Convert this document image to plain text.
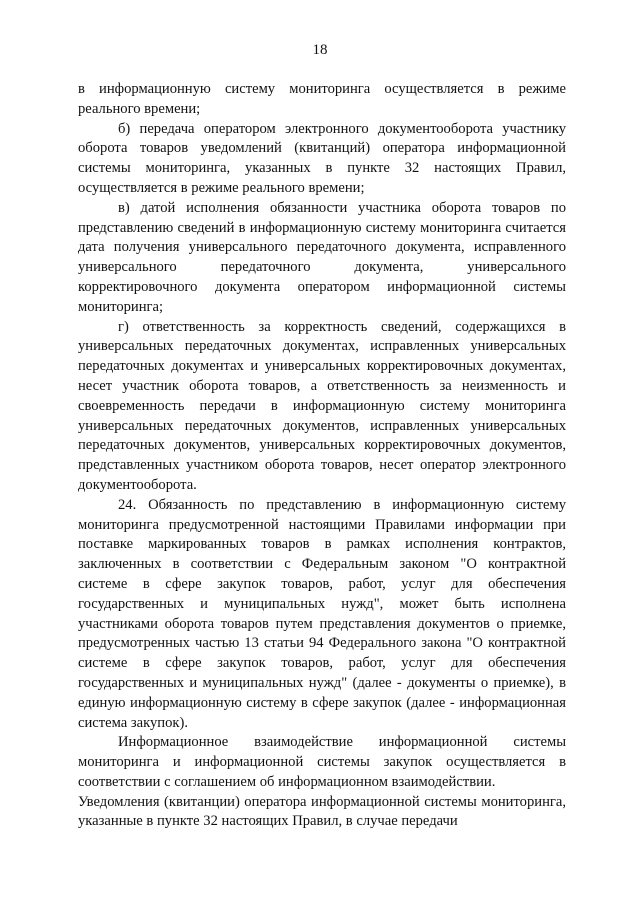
18

в информационную систему мониторинга осуществляется в режиме реального времени;

б) передача оператором электронного документооборота участнику оборота товаров уведомлений (квитанций) оператора информационной системы мониторинга, указанных в пункте 32 настоящих Правил, осуществляется в режиме реального времени;

в) датой исполнения обязанности участника оборота товаров по представлению сведений в информационную систему мониторинга считается дата получения универсального передаточного документа, исправленного универсального передаточного документа, универсального корректировочного документа оператором информационной системы мониторинга;

г) ответственность за корректность сведений, содержащихся в универсальных передаточных документах, исправленных универсальных передаточных документах и универсальных корректировочных документах, несет участник оборота товаров, а ответственность за неизменность и своевременность передачи в информационную систему мониторинга универсальных передаточных документов, исправленных универсальных передаточных документов, универсальных корректировочных документов, представленных участником оборота товаров, несет оператор электронного документооборота.

24. Обязанность по представлению в информационную систему мониторинга предусмотренной настоящими Правилами информации при поставке маркированных товаров в рамках исполнения контрактов, заключенных в соответствии с Федеральным законом "О контрактной системе в сфере закупок товаров, работ, услуг для обеспечения государственных и муниципальных нужд", может быть исполнена участниками оборота товаров путем представления документов о приемке, предусмотренных частью 13 статьи 94 Федерального закона "О контрактной системе в сфере закупок товаров, работ, услуг для обеспечения государственных и муниципальных нужд" (далее - документы о приемке), в единую информационную систему в сфере закупок (далее - информационная система закупок).

Информационное взаимодействие информационной системы мониторинга и информационной системы закупок осуществляется в соответствии с соглашением об информационном взаимодействии.

Уведомления (квитанции) оператора информационной системы мониторинга, указанные в пункте 32 настоящих Правил, в случае передачи
